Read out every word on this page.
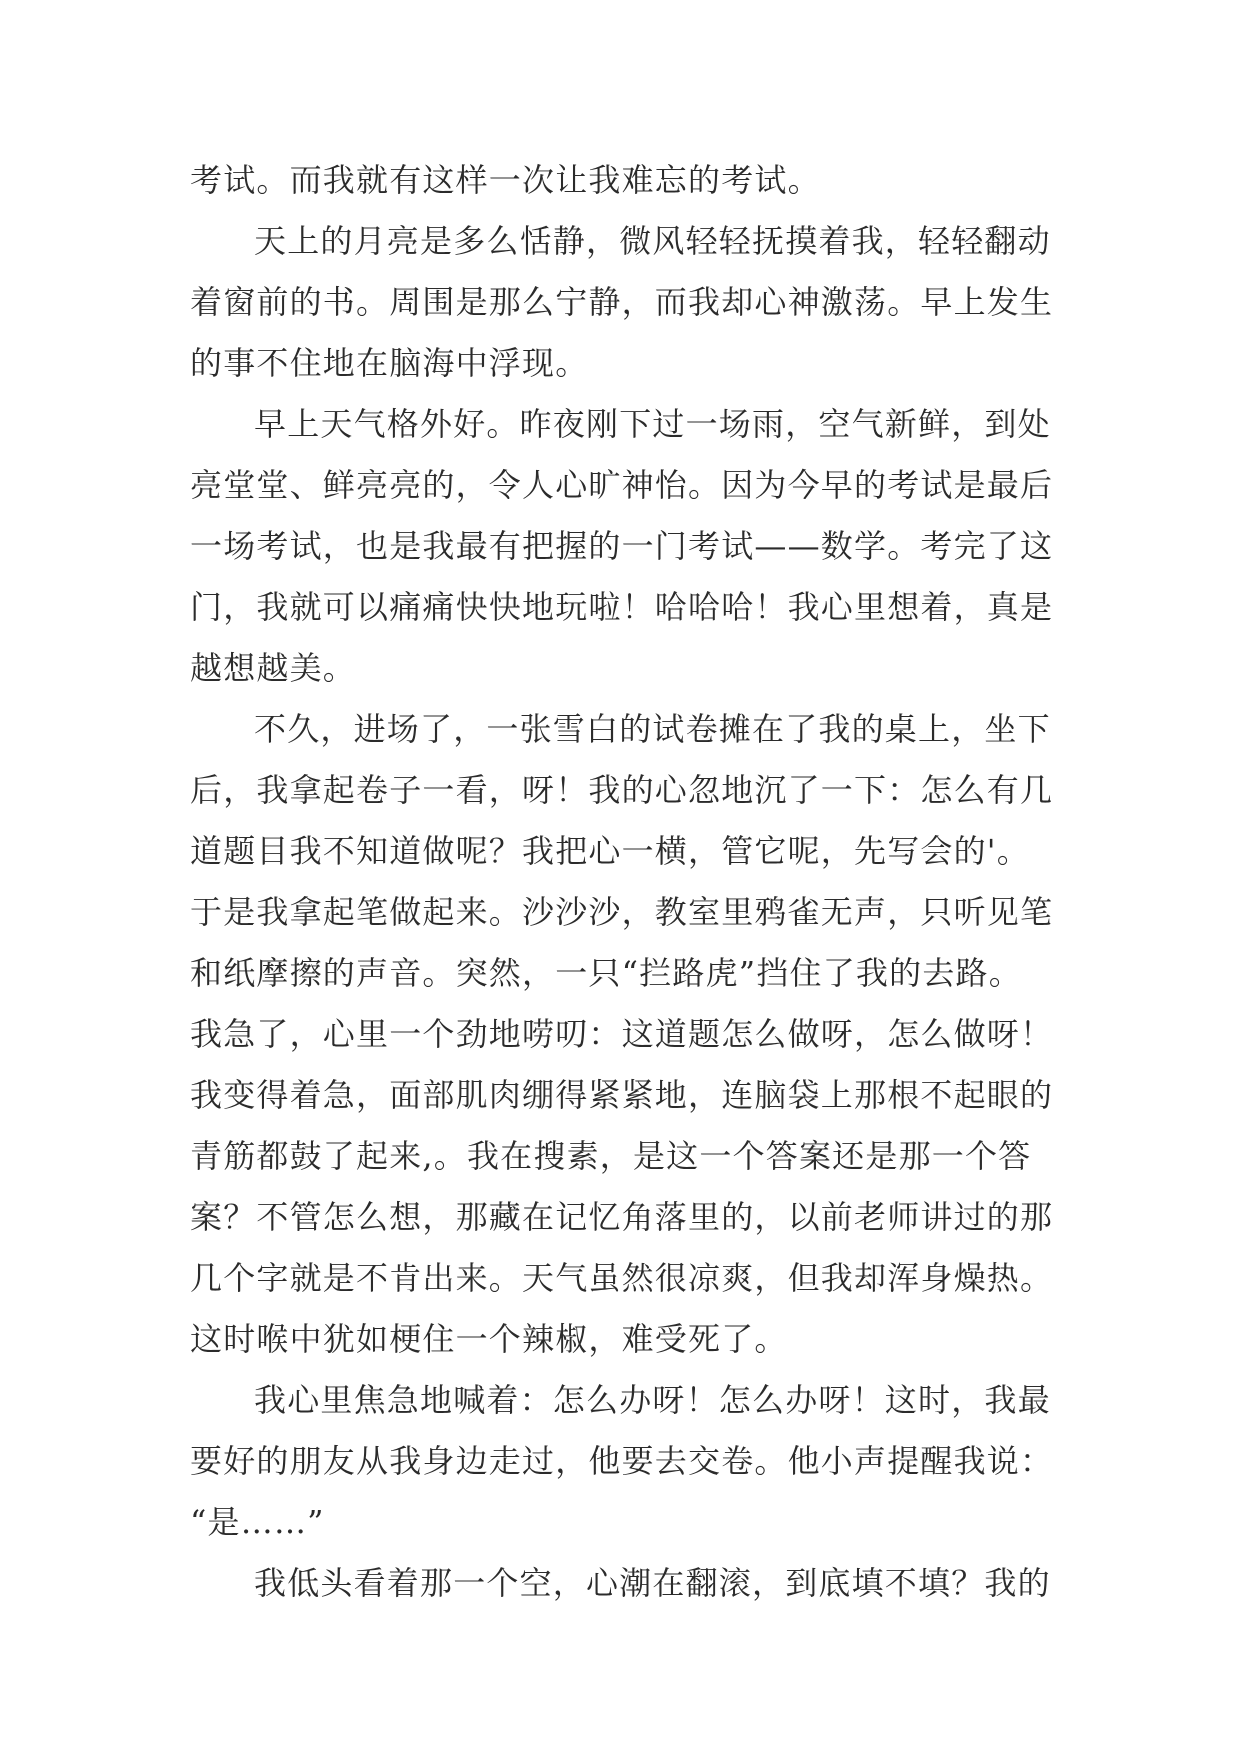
考试。而我就有这样一次让我难忘的考试。
天上的月亮是多么恬静，微风轻轻抚摸着我，轻轻翻动
着窗前的书。周围是那么宁静，而我却心神激荡。早上发生
的事不住地在脑海中浮现。
早上天气格外好。昨夜刚下过一场雨，空气新鲜，到处
亮堂堂、鲜亮亮的，令人心旷神怡。因为今早的考试是最后
一场考试，也是我最有把握的一门考试——数学。考完了这
门，我就可以痛痛快快地玩啦！哈哈哈！我心里想着，真是
越想越美。
不久，进场了，一张雪白的试卷摊在了我的桌上，坐下
后，我拿起卷子一看，呀！我的心忽地沉了一下：怎么有几
道题目我不知道做呢？我把心一横，管它呢，先写会的'。
于是我拿起笔做起来。沙沙沙，教室里鸦雀无声，只听见笔
和纸摩擦的声音。突然，一只“拦路虎”挡住了我的去路。
我急了，心里一个劲地唠叨：这道题怎么做呀，怎么做呀！
我变得着急，面部肌肉绷得紧紧地，连脑袋上那根不起眼的
青筋都鼓了起来,。我在搜素，是这一个答案还是那一个答
案？不管怎么想，那藏在记忆角落里的，以前老师讲过的那
几个字就是不肯出来。天气虽然很凉爽，但我却浑身燥热。
这时喉中犹如梗住一个辣椒，难受死了。
我心里焦急地喊着：怎么办呀！怎么办呀！这时，我最
要好的朋友从我身边走过，他要去交卷。他小声提醒我说：
“是……”
我低头看着那一个空，心潮在翻滚，到底填不填？我的
